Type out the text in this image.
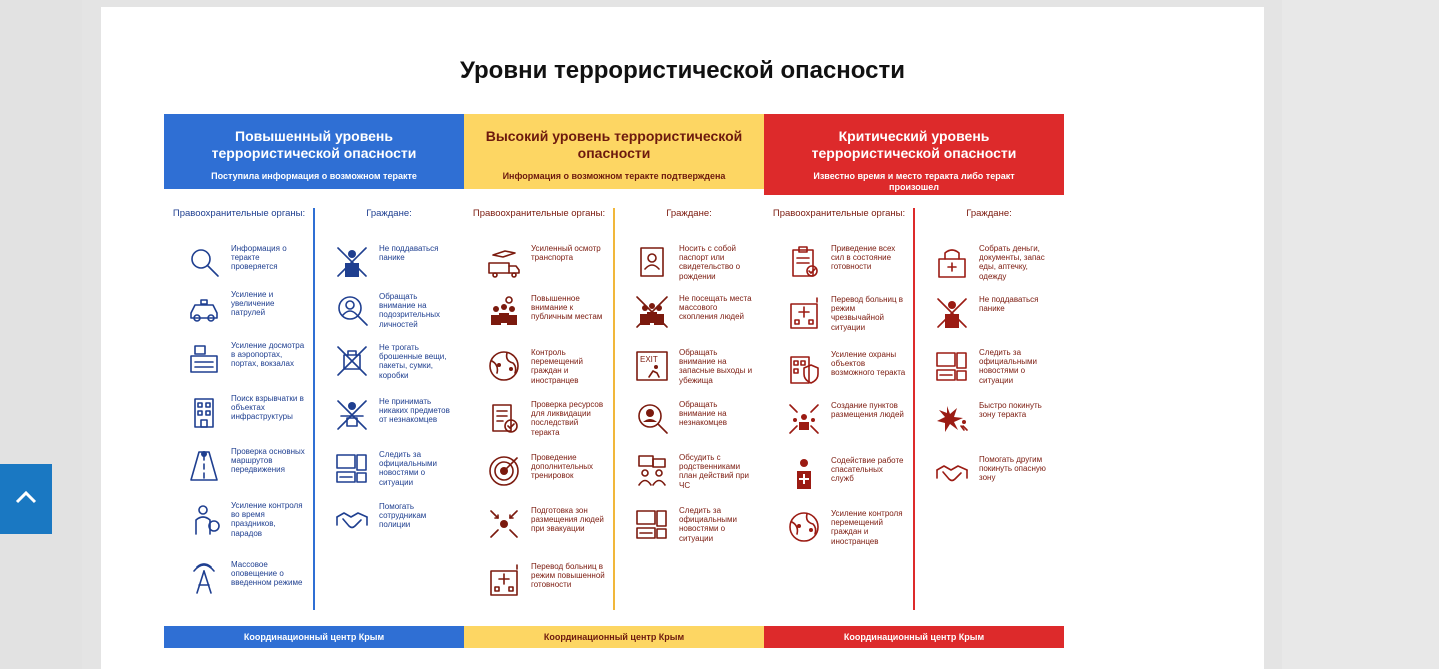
Уровни террористической опасности
Повышенный уровень террористической опасности
Поступила информация о возможном теракте
Правоохранительные органы:
Информация о теракте проверяется
Усиление и увеличение патрулей
Усиление досмотра в аэропортах, портах, вокзалах
Поиск взрывчатки в объектах инфраструктуры
Проверка основных маршрутов передвижения
Усиление контроля во время праздников, парадов
Массовое оповещение о введенном режиме
Граждане:
Не поддаваться панике
Обращать внимание на подозрительных личностей
Не трогать брошенные вещи, пакеты, сумки, коробки
Не принимать никаких предметов от незнакомцев
Следить за официальными новостями о ситуации
Помогать сотрудникам полиции
Координационный центр Крым
Высокий уровень террористической опасности
Информация о возможном теракте подтверждена
Правоохранительные органы:
Усиленный осмотр транспорта
Повышенное внимание к публичным местам
Контроль перемещений граждан и иностранцев
Проверка ресурсов для ликвидации последствий теракта
Проведение дополнительных тренировок
Подготовка зон размещения людей при эвакуации
Перевод больниц в режим повышенной готовности
Граждане:
Носить с собой паспорт или свидетельство о рождении
Не посещать места массового скопления людей
EXIT
Обращать внимание на запасные выходы и убежища
Обращать внимание на незнакомцев
Обсудить с родственниками план действий при ЧС
Следить за официальными новостями о ситуации
Координационный центр Крым
Критический уровень террористической опасности
Известно время и место теракта либо теракт произошел
Правоохранительные органы:
Приведение всех сил в состояние готовности
Перевод больниц в режим чрезвычайной ситуации
Усиление охраны объектов возможного теракта
Создание пунктов размещения людей
Содействие работе спасательных служб
Усиление контроля перемещений граждан и иностранцев
Граждане:
Собрать деньги, документы, запас еды, аптечку, одежду
Не поддаваться панике
Следить за официальными новостями о ситуации
Быстро покинуть зону теракта
Помогать другим покинуть опасную зону
Координационный центр Крым
